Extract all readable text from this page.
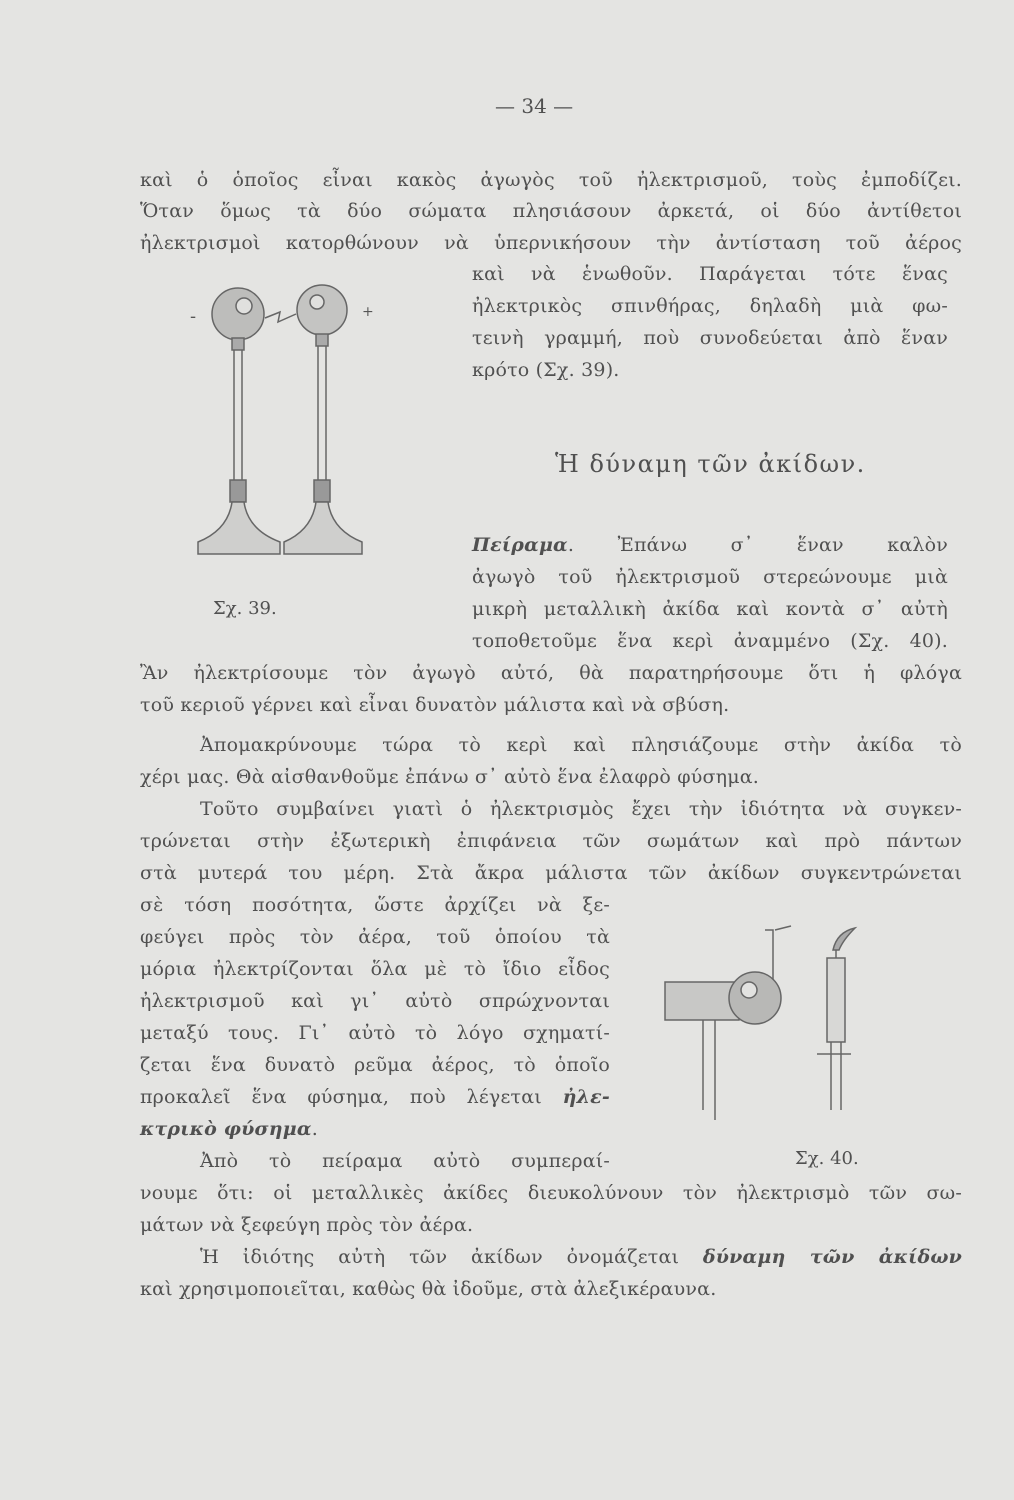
— 34 —
καὶ ὁ ὁποῖος εἶναι κακὸς ἀγωγὸς τοῦ ἠλεκτρισμοῦ, τοὺς ἐμποδίζει.
Ὅταν ὅμως τὰ δύο σώματα πλησιάσουν ἀρκετά, οἱ δύο ἀντίθετοι
ἠλεκτρισμοὶ κατορθώνουν νὰ ὑπερνικήσουν τὴν ἀντίσταση τοῦ ἀέρος
καὶ νὰ ἑνωθοῦν. Παράγεται τότε ἕνας
ἠλεκτρικὸς σπινθήρας, δηλαδὴ μιὰ φω-
τεινὴ γραμμή, ποὺ συνοδεύεται ἀπὸ ἕναν
κρότο (Σχ. 39).
-	+
Σχ. 39.
Ἡ δύναμη τῶν ἀκίδων.
Πείραμα. Ἐπάνω σ᾽ ἕναν καλὸν
ἀγωγὸ τοῦ ἠλεκτρισμοῦ στερεώνουμε μιὰ
μικρὴ μεταλλικὴ ἀκίδα καὶ κοντὰ σ᾽ αὐτὴ
τοποθετοῦμε ἕνα κερὶ ἀναμμένο (Σχ. 40).
Ἂν ἠλεκτρίσουμε τὸν ἀγωγὸ αὐτό, θὰ παρατηρήσουμε ὅτι ἡ φλόγα
τοῦ κεριοῦ γέρνει καὶ εἶναι δυνατὸν μάλιστα καὶ νὰ σβύση.
Ἀπομακρύνουμε τώρα τὸ κερὶ καὶ πλησιάζουμε στὴν ἀκίδα τὸ
χέρι μας. Θὰ αἰσθανθοῦμε ἐπάνω σ᾽ αὐτὸ ἕνα ἐλαφρὸ φύσημα.
Τοῦτο συμβαίνει γιατὶ ὁ ἠλεκτρισμὸς ἔχει τὴν ἰδιότητα νὰ συγκεν-
τρώνεται στὴν ἐξωτερικὴ ἐπιφάνεια τῶν σωμάτων καὶ πρὸ πάντων
στὰ μυτερά του μέρη. Στὰ ἄκρα μάλιστα τῶν ἀκίδων συγκεντρώνεται
σὲ τόση ποσότητα, ὥστε ἀρχίζει νὰ ξε-
φεύγει πρὸς τὸν ἀέρα, τοῦ ὁποίου τὰ
μόρια ἠλεκτρίζονται ὅλα μὲ τὸ ἴδιο εἶδος
ἠλεκτρισμοῦ καὶ γι᾽ αὐτὸ σπρώχνονται
μεταξύ τους. Γι᾽ αὐτὸ τὸ λόγο σχηματί-
ζεται ἕνα δυνατὸ ρεῦμα ἀέρος, τὸ ὁποῖο
προκαλεῖ ἕνα φύσημα, ποὺ λέγεται ἠλε-
κτρικὸ φύσημα.
Σχ. 40.
Ἀπὸ τὸ πείραμα αὐτὸ συμπεραί-
νουμε ὅτι: οἱ μεταλλικὲς ἀκίδες διευκολύνουν τὸν ἠλεκτρισμὸ τῶν σω-
μάτων νὰ ξεφεύγη πρὸς τὸν ἀέρα.
Ἡ ἰδιότης αὐτὴ τῶν ἀκίδων ὀνομάζεται δύναμη τῶν ἀκίδων
καὶ χρησιμοποιεῖται, καθὼς θὰ ἰδοῦμε, στὰ ἀλεξικέραυνα.
